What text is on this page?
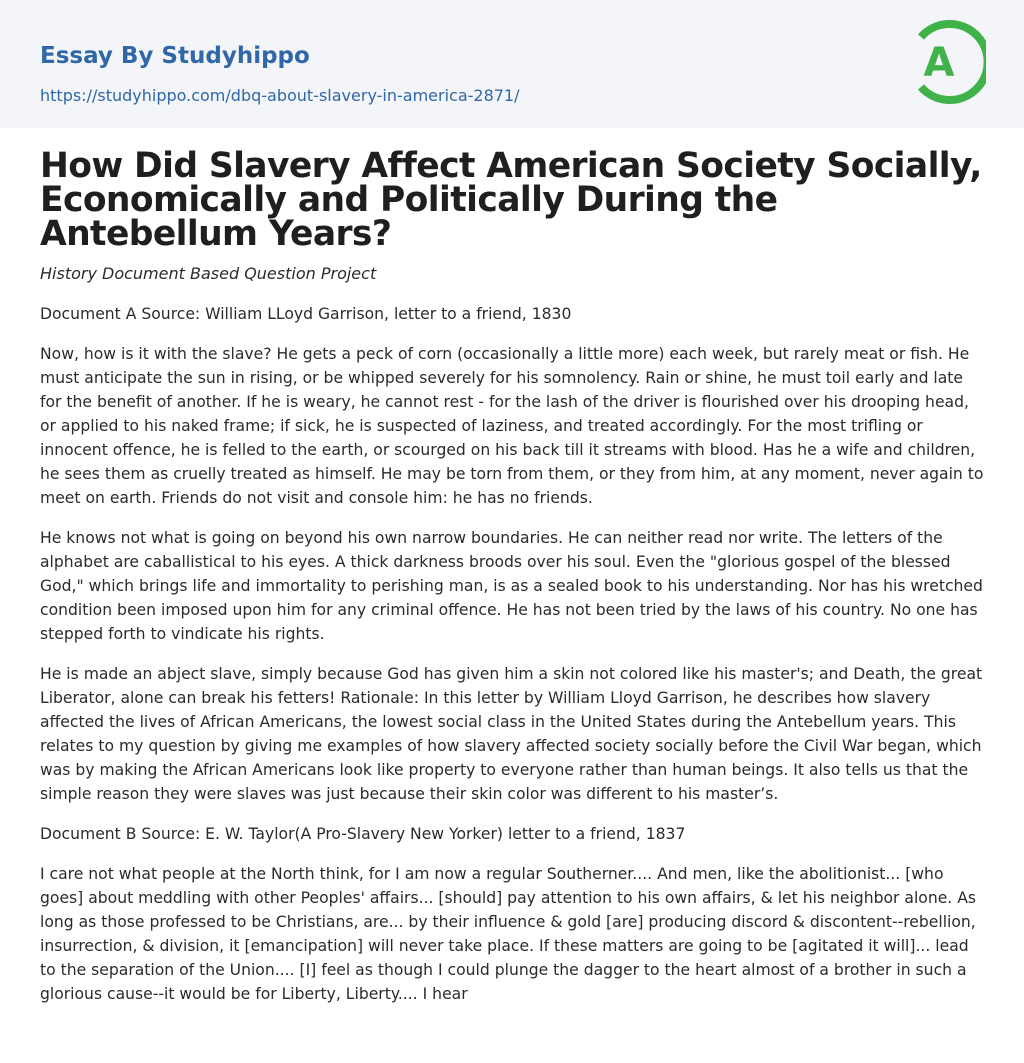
Essay By Studyhippo
https://studyhippo.com/dbq-about-slavery-in-america-2871/
A
How Did Slavery Affect American Society Socially, Economically and Politically During the Antebellum Years?

History Document Based Question Project

Document A Source: William LLoyd Garrison, letter to a friend, 1830

Now, how is it with the slave? He gets a peck of corn (occasionally a little more) each week, but rarely meat or fish. He must anticipate the sun in rising, or be whipped severely for his somnolency. Rain or shine, he must toil early and late for the benefit of another. If he is weary, he cannot rest - for the lash of the driver is flourished over his drooping head, or applied to his naked frame; if sick, he is suspected of laziness, and treated accordingly. For the most trifling or innocent offence, he is felled to the earth, or scourged on his back till it streams with blood. Has he a wife and children, he sees them as cruelly treated as himself. He may be torn from them, or they from him, at any moment, never again to meet on earth. Friends do not visit and console him: he has no friends.

He knows not what is going on beyond his own narrow boundaries. He can neither read nor write. The letters of the alphabet are caballistical to his eyes. A thick darkness broods over his soul. Even the "glorious gospel of the blessed God," which brings life and immortality to perishing man, is as a sealed book to his understanding. Nor has his wretched condition been imposed upon him for any criminal offence. He has not been tried by the laws of his country. No one has stepped forth to vindicate his rights.

He is made an abject slave, simply because God has given him a skin not colored like his master's; and Death, the great Liberator, alone can break his fetters! Rationale: In this letter by William Lloyd Garrison, he describes how slavery affected the lives of African Americans, the lowest social class in the United States during the Antebellum years. This relates to my question by giving me examples of how slavery affected society socially before the Civil War began, which was by making the African Americans look like property to everyone rather than human beings. It also tells us that the simple reason they were slaves was just because their skin color was different to his master’s.

Document B Source: E. W. Taylor(A Pro-Slavery New Yorker) letter to a friend, 1837

I care not what people at the North think, for I am now a regular Southerner.... And men, like the abolitionist... [who goes] about meddling with other Peoples' affairs... [should] pay attention to his own affairs, & let his neighbor alone. As long as those professed to be Christians, are... by their influence & gold [are] producing discord & discontent--rebellion, insurrection, & division, it [emancipation] will never take place. If these matters are going to be [agitated it will]... lead to the separation of the Union.... [I] feel as though I could plunge the dagger to the heart almost of a brother in such a glorious cause--it would be for Liberty, Liberty.... I hear
